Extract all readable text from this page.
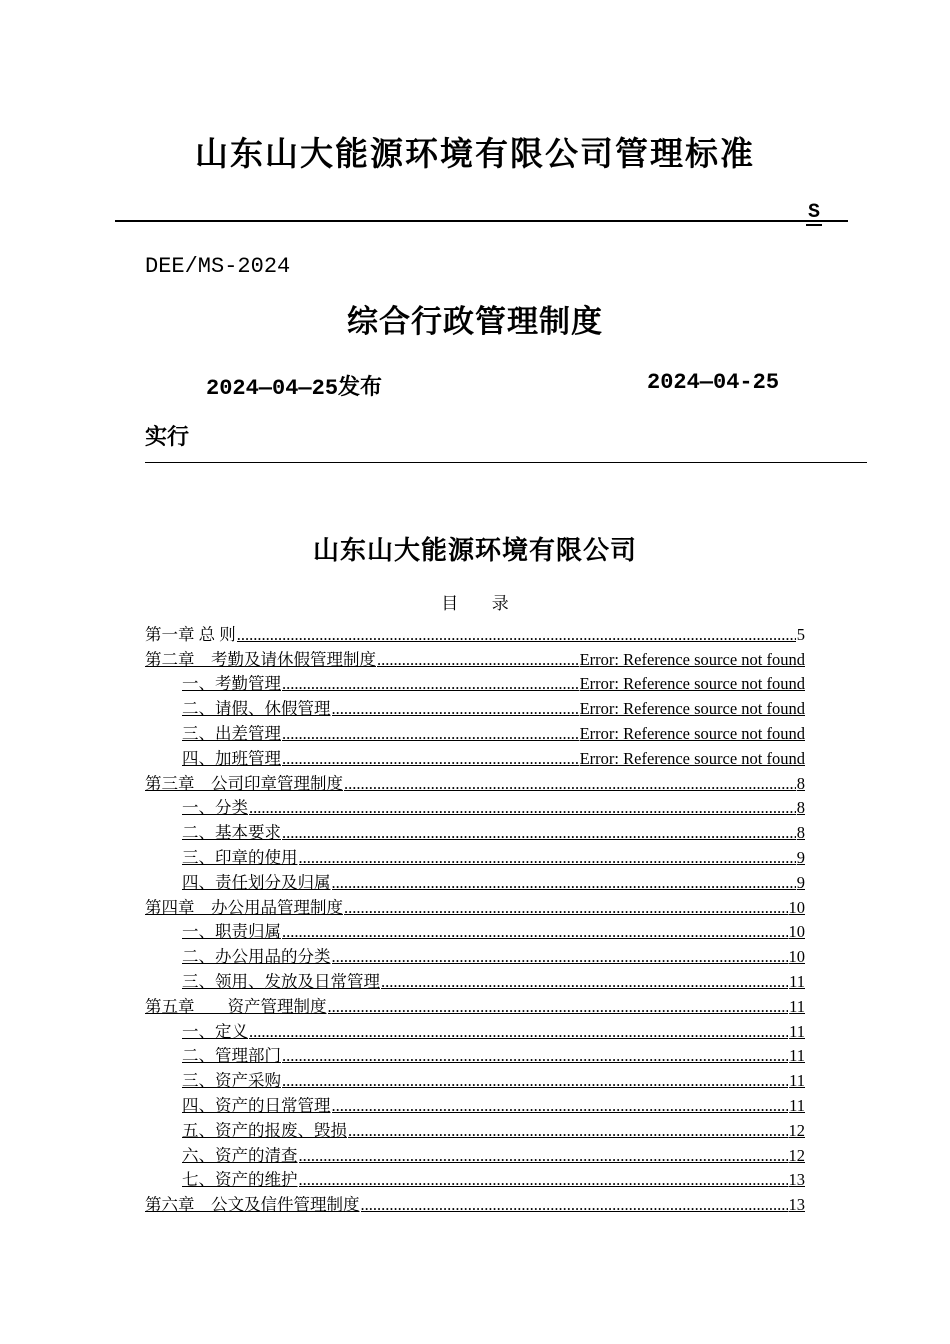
山东山大能源环境有限公司管理标准
S
DEE/MS-2024
综合行政管理制度
2024—04—25发布	2024—04-25
实行
山东山大能源环境有限公司
目 录
第一章 总 则 .....	5
第二章　考勤及请休假管理制度 .....	Error: Reference source not found
一、考勤管理 .....	Error: Reference source not found
二、请假、休假管理 .....	Error: Reference source not found
三、出差管理 .....	Error: Reference source not found
四、加班管理 .....	Error: Reference source not found
第三章　公司印章管理制度 .....	8
一、分类 .....	8
二、基本要求 .....	8
三、印章的使用 .....	9
四、责任划分及归属 .....	9
第四章　办公用品管理制度 .....	10
一、职责归属 .....	10
二、办公用品的分类 .....	10
三、领用、发放及日常管理 .....	11
第五章　　资产管理制度 .....	11
一、定义 .....	11
二、管理部门 .....	11
三、资产采购 .....	11
四、资产的日常管理 .....	11
五、资产的报废、毁损 .....	12
六、资产的清查 .....	12
七、资产的维护 .....	13
第六章　公文及信件管理制度 .....	13
